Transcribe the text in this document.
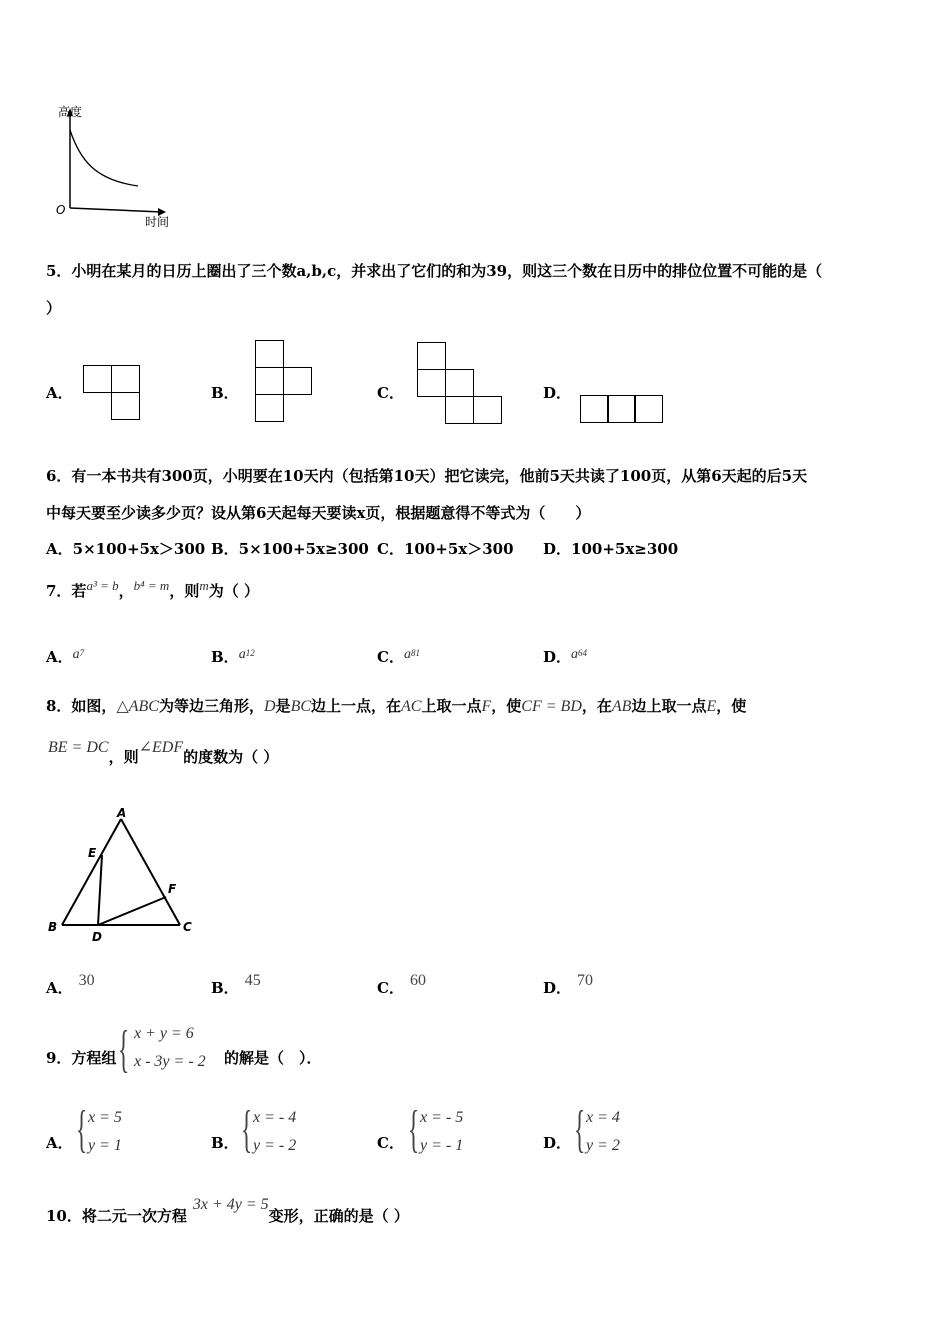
高度
O
时间
5．小明在某月的日历上圈出了三个数a,b,c，并求出了它们的和为39，则这三个数在日历中的排位位置不可能的是（
）
A．	B．	C．	D．
6．有一本书共有300页，小明要在10天内（包括第10天）把它读完，他前5天共读了100页，从第6天起的后5天
中每天要至少读多少页？设从第6天起每天要读x页，根据题意得不等式为（　　）
A．5×100+5x＞300 B．5×100+5x≥300 C．100+5x＞300 D．100+5x≥300
7．若a³ = b，b⁴ = m，则m为（ ）
A．$a^7$	B．$a^{12}$	C．$a^{81}$	D．$a^{64}$
8．如图，△ABC为等边三角形，D是BC边上一点，在AC上取一点F，使CF = BD，在AB边上取一点E，使
BE = DC，则∠EDF的度数为（ ）
A
E
F
B
D
C
A． 30	B． 45	C． 60	D． 70
9．方程组 { x + y = 6
x - 3y = - 2 的解是（　）．
A． { x = 5
y = 1	B． { x = - 4
y = - 2	C． { x = - 5
y = - 1	D． { x = 4
y = 2
10．将二元一次方程3x + 4y = 5变形，正确的是（ ）
